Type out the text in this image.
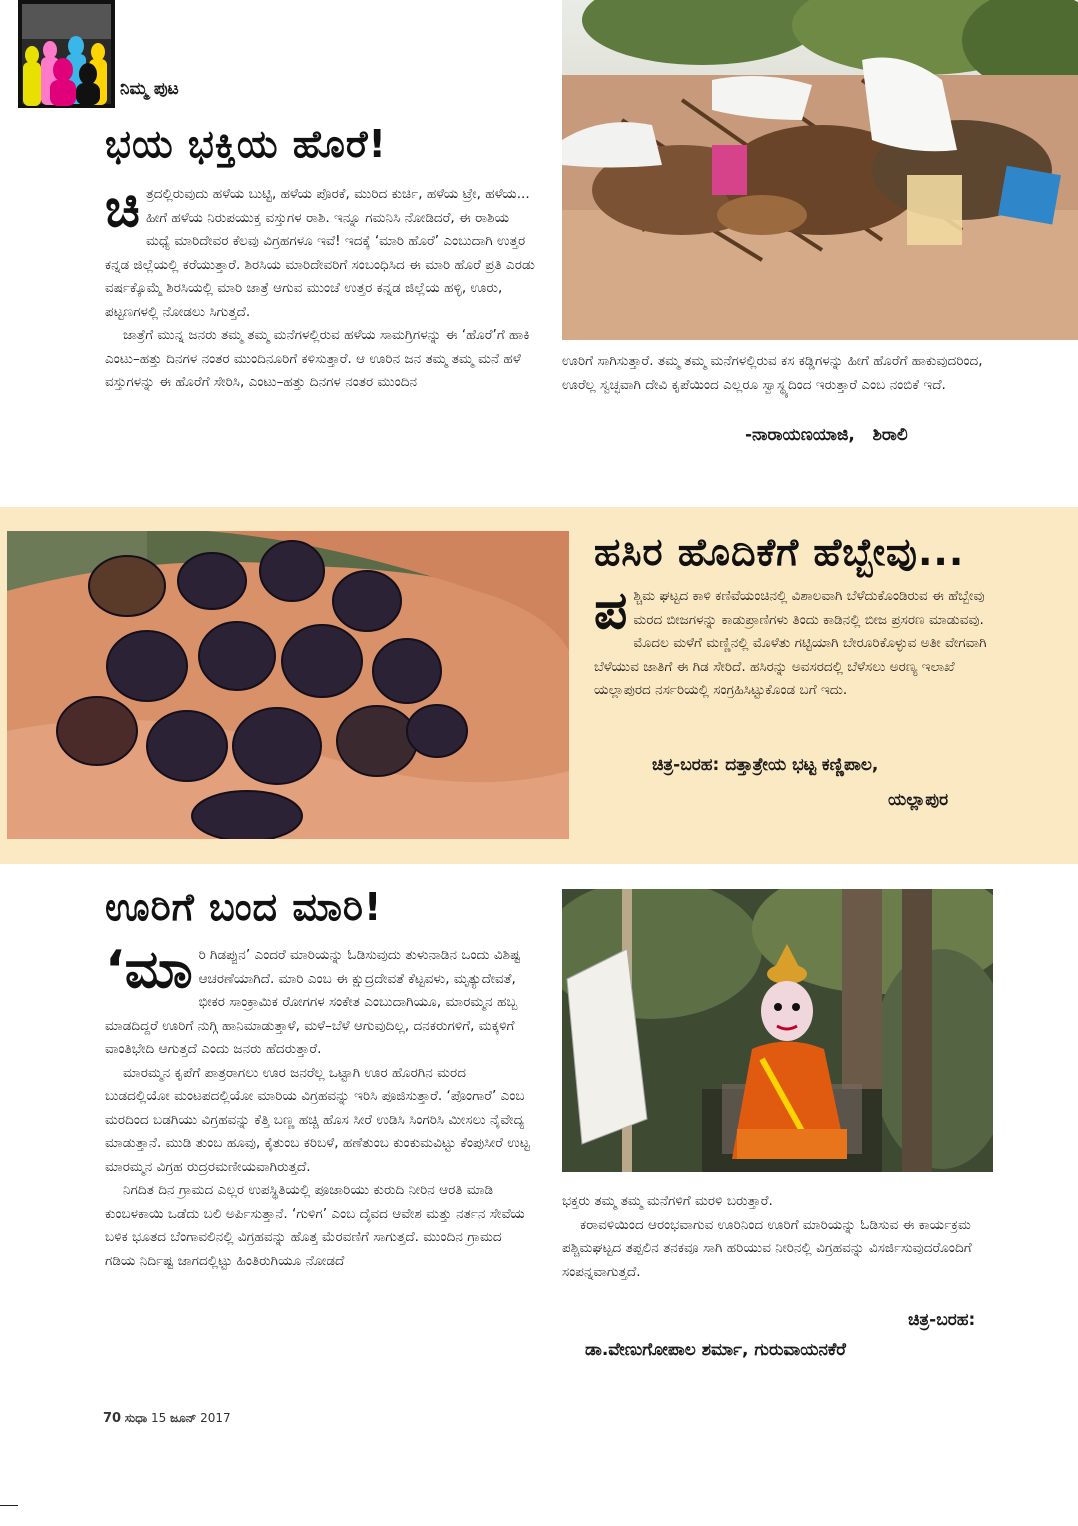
ನಿಮ್ಮ ಪುಟ
ಭಯ ಭಕ್ತಿಯ ಹೊರೆ!

ಚಿತ್ರದಲ್ಲಿರುವುದು ಹಳೆಯ ಬುಟ್ಟಿ, ಹಳೆಯ ಪೊರಕೆ, ಮುರಿದ ಕುರ್ಚಿ, ಹಳೆಯ ಟ್ರೇ, ಹಳೆಯ... ಹೀಗೆ ಹಳೆಯ ನಿರುಪಯುಕ್ತ ವಸ್ತುಗಳ ರಾಶಿ. ಇನ್ನೂ ಗಮನಿಸಿ ನೋಡಿದರೆ, ಈ ರಾಶಿಯ ಮಧ್ಯೆ ಮಾರಿದೇವರ ಕೆಲವು ವಿಗ್ರಹಗಳೂ ಇವೆ! ಇದಕ್ಕೆ ‘ಮಾರಿ ಹೊರೆ’ ಎಂಬುದಾಗಿ ಉತ್ತರ ಕನ್ನಡ ಜಿಲ್ಲೆಯಲ್ಲಿ ಕರೆಯುತ್ತಾರೆ. ಶಿರಸಿಯ ಮಾರಿದೇವರಿಗೆ ಸಂಬಂಧಿಸಿದ ಈ ಮಾರಿ ಹೊರೆ ಪ್ರತಿ ಎರಡು ವರ್ಷಕ್ಕೊಮ್ಮೆ ಶಿರಸಿಯಲ್ಲಿ ಮಾರಿ ಜಾತ್ರೆ ಆಗುವ ಮುಂಚೆ ಉತ್ತರ ಕನ್ನಡ ಜಿಲ್ಲೆಯ ಹಳ್ಳಿ, ಊರು, ಪಟ್ಟಣಗಳಲ್ಲಿ ನೋಡಲು ಸಿಗುತ್ತದೆ.

ಜಾತ್ರೆಗೆ ಮುನ್ನ ಜನರು ತಮ್ಮ ತಮ್ಮ ಮನೆಗಳಲ್ಲಿರುವ ಹಳೆಯ ಸಾಮಗ್ರಿಗಳನ್ನು ಈ ‘ಹೊರೆ’ಗೆ ಹಾಕಿ ಎಂಟು–ಹತ್ತು ದಿನಗಳ ನಂತರ ಮುಂದಿನೂರಿಗೆ ಕಳಿಸುತ್ತಾರೆ. ಆ ಊರಿನ ಜನ ತಮ್ಮ ತಮ್ಮ ಮನೆ ಹಳೆ ವಸ್ತುಗಳನ್ನು ಈ ಹೊರೆಗೆ ಸೇರಿಸಿ, ಎಂಟು–ಹತ್ತು ದಿನಗಳ ನಂತರ ಮುಂದಿನ

ಊರಿಗೆ ಸಾಗಿಸುತ್ತಾರೆ. ತಮ್ಮ ತಮ್ಮ ಮನೆಗಳಲ್ಲಿರುವ ಕಸ ಕಡ್ಡಿಗಳನ್ನು ಹೀಗೆ ಹೊರೆಗೆ ಹಾಕುವುದರಿಂದ, ಊರೆಲ್ಲ ಸ್ವಚ್ಛವಾಗಿ ದೇವಿ ಕೃಪೆಯಿಂದ ಎಲ್ಲರೂ ಸ್ವಾಸ್ಥ್ಯದಿಂದ ಇರುತ್ತಾರೆ ಎಂಬ ನಂಬಿಕೆ ಇದೆ.

-ನಾರಾಯಣಯಾಜಿ,   ಶಿರಾಲಿ
ಹಸಿರ ಹೊದಿಕೆಗೆ ಹೆಬ್ಬೇವು...

ಪಶ್ಚಿಮ ಘಟ್ಟದ ಕಾಳಿ ಕಣಿವೆಯಂಚಿನಲ್ಲಿ ವಿಶಾಲವಾಗಿ ಬೆಳೆದುಕೊಂಡಿರುವ ಈ ಹೆಬ್ಬೇವು ಮರದ ಬೀಜಗಳನ್ನು ಕಾಡುಪ್ರಾಣಿಗಳು ತಿಂದು ಕಾಡಿನಲ್ಲಿ ಬೀಜ ಪ್ರಸರಣ ಮಾಡುವವು. ಮೊದಲ ಮಳೆಗೆ ಮಣ್ಣಿನಲ್ಲಿ ಮೊಳೆತು ಗಟ್ಟಿಯಾಗಿ ಬೇರೂರಿಕೊಳ್ಳುವ ಅತೀ ವೇಗವಾಗಿ ಬೆಳೆಯುವ ಜಾತಿಗೆ ಈ ಗಿಡ ಸೇರಿದೆ. ಹಸಿರನ್ನು ಅವಸರದಲ್ಲಿ ಬೆಳೆಸಲು ಅರಣ್ಯ ಇಲಾಖೆ ಯಲ್ಲಾಪುರದ ನರ್ಸರಿಯಲ್ಲಿ ಸಂಗ್ರಹಿಸಿಟ್ಟುಕೊಂಡ ಬಗೆ ಇದು.

ಚಿತ್ರ-ಬರಹ: ದತ್ತಾತ್ರೇಯ ಭಟ್ಟ ಕಣ್ಣಿಪಾಲ,
ಯಲ್ಲಾಪುರ
ಊರಿಗೆ ಬಂದ ಮಾರಿ!

‘ಮಾರಿ ಗಿಡಪ್ಪುನ’ ಎಂದರೆ ಮಾರಿಯನ್ನು ಓಡಿಸುವುದು ತುಳುನಾಡಿನ ಒಂದು ವಿಶಿಷ್ಟ ಆಚರಣೆಯಾಗಿದೆ. ಮಾರಿ ಎಂಬ ಈ ಕ್ಷುದ್ರದೇವತೆ ಕೆಟ್ಟವಳು, ಮೃತ್ಯುದೇವತೆ, ಭೀಕರ ಸಾಂಕ್ರಾಮಿಕ ರೋಗಗಳ ಸಂಕೇತ ಎಂಬುದಾಗಿಯೂ, ಮಾರಮ್ಮನ ಹಬ್ಬ ಮಾಡದಿದ್ದರೆ ಊರಿಗೆ ನುಗ್ಗಿ ಹಾನಿಮಾಡುತ್ತಾಳೆ, ಮಳೆ–ಬೆಳೆ ಆಗುವುದಿಲ್ಲ, ದನಕರುಗಳಿಗೆ, ಮಕ್ಕಳಿಗೆ ವಾಂತಿಭೇದಿ ಆಗುತ್ತದೆ ಎಂದು ಜನರು ಹೆದರುತ್ತಾರೆ.

ಮಾರಮ್ಮನ ಕೃಪೆಗೆ ಪಾತ್ರರಾಗಲು ಊರ ಜನರೆಲ್ಲ ಒಟ್ಟಾಗಿ ಊರ ಹೊರಗಿನ ಮರದ ಬುಡದಲ್ಲಿಯೋ ಮಂಟಪದಲ್ಲಿಯೋ ಮಾರಿಯ ವಿಗ್ರಹವನ್ನು ಇರಿಸಿ ಪೂಜಿಸುತ್ತಾರೆ. ‘ಪೊಂಗಾರೆ’ ಎಂಬ ಮರದಿಂದ ಬಡಗಿಯು ವಿಗ್ರಹವನ್ನು ಕೆತ್ತಿ ಬಣ್ಣ ಹಚ್ಚಿ ಹೊಸ ಸೀರೆ ಉಡಿಸಿ ಸಿಂಗರಿಸಿ ಮೀಸಲು ನೈವೇದ್ಯ ಮಾಡುತ್ತಾನೆ. ಮುಡಿ ತುಂಬ ಹೂವು, ಕೈತುಂಬ ಕರಿಬಳೆ, ಹಣೆತುಂಬ ಕುಂಕುಮವಿಟ್ಟು ಕೆಂಪುಸೀರೆ ಉಟ್ಟ ಮಾರಮ್ಮನ ವಿಗ್ರಹ ರುದ್ರರಮಣೀಯವಾಗಿರುತ್ತದೆ.

ನಿಗದಿತ ದಿನ ಗ್ರಾಮದ ಎಲ್ಲರ ಉಪಸ್ಥಿತಿಯಲ್ಲಿ ಪೂಜಾರಿಯು ಕುರುದಿ ನೀರಿನ ಆರತಿ ಮಾಡಿ ಕುಂಬಳಕಾಯಿ ಒಡೆದು ಬಲಿ ಅರ್ಪಿಸುತ್ತಾನೆ. ‘ಗುಳಿಗ’ ಎಂಬ ದೈವದ ಆವೇಶ ಮತ್ತು ನರ್ತನ ಸೇವೆಯ ಬಳಿಕ ಭೂತದ ಬೆಂಗಾವಲಿನಲ್ಲಿ ವಿಗ್ರಹವನ್ನು ಹೊತ್ತ ಮೆರವಣಿಗೆ ಸಾಗುತ್ತದೆ. ಮುಂದಿನ ಗ್ರಾಮದ ಗಡಿಯ ನಿರ್ದಿಷ್ಟ ಜಾಗದಲ್ಲಿಟ್ಟು ಹಿಂತಿರುಗಿಯೂ ನೋಡದೆ

ಭಕ್ತರು ತಮ್ಮ ತಮ್ಮ ಮನೆಗಳಿಗೆ ಮರಳಿ ಬರುತ್ತಾರೆ.

ಕರಾವಳಿಯಿಂದ ಆರಂಭವಾಗುವ ಊರಿನಿಂದ ಊರಿಗೆ ಮಾರಿಯನ್ನು ಓಡಿಸುವ ಈ ಕಾರ್ಯಕ್ರಮ ಪಶ್ಚಿಮಘಟ್ಟದ ತಪ್ಪಲಿನ ತನಕವೂ ಸಾಗಿ ಹರಿಯುವ ನೀರಿನಲ್ಲಿ ವಿಗ್ರಹವನ್ನು ವಿಸರ್ಜಿಸುವುದರೊಂದಿಗೆ ಸಂಪನ್ನವಾಗುತ್ತದೆ.

ಚಿತ್ರ-ಬರಹ:
ಡಾ.ವೇಣುಗೋಪಾಲ ಶರ್ಮಾ, ಗುರುವಾಯನಕೆರೆ
70 ಸುಧಾ 15 ಜೂನ್ 2017
